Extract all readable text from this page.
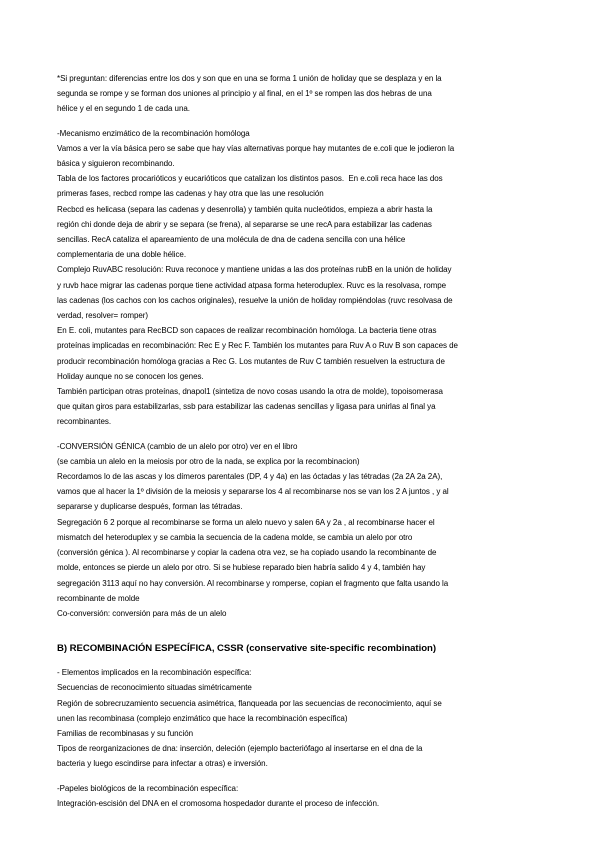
*Si preguntan: diferencias entre los dos y son que en una se forma 1 unión de holiday que se desplaza y en la

segunda se rompe y se forman dos uniones al principio y al final, en el 1º se rompen las dos hebras de una

hélice y el en segundo 1 de cada una.

-Mecanismo enzimático de la recombinación homóloga

Vamos a ver la vía básica pero se sabe que hay vías alternativas porque hay mutantes de e.coli que le jodieron la

básica y siguieron recombinando.

Tabla de los factores procarióticos y eucarióticos que catalizan los distintos pasos.  En e.coli reca hace las dos

primeras fases, recbcd rompe las cadenas y hay otra que las une resolución

Recbcd es helicasa (separa las cadenas y desenrolla) y también quita nucleótidos, empieza a abrir hasta la

región chi donde deja de abrir y se separa (se frena), al separarse se une recA para estabilizar las cadenas

sencillas. RecA cataliza el apareamiento de una molécula de dna de cadena sencilla con una hélice

complementaria de una doble hélice.

Complejo RuvABC resolución: Ruva reconoce y mantiene unidas a las dos proteínas rubB en la unión de holiday

y ruvb hace migrar las cadenas porque tiene actividad atpasa forma heteroduplex. Ruvc es la resolvasa, rompe

las cadenas (los cachos con los cachos originales), resuelve la unión de holiday rompiéndolas (ruvc resolvasa de

verdad, resolver= romper)

En E. coli, mutantes para RecBCD son capaces de realizar recombinación homóloga. La bacteria tiene otras

proteínas implicadas en recombinación: Rec E y Rec F. También los mutantes para Ruv A o Ruv B son capaces de

producir recombinación homóloga gracias a Rec G. Los mutantes de Ruv C también resuelven la estructura de

Holiday aunque no se conocen los genes.

También participan otras proteínas, dnapol1 (sintetiza de novo cosas usando la otra de molde), topoisomerasa

que quitan giros para estabilizarlas, ssb para estabilizar las cadenas sencillas y ligasa para unirlas al final ya

recombinantes.

-CONVERSIÓN GÉNICA (cambio de un alelo por otro) ver en el libro

(se cambia un alelo en la meiosis por otro de la nada, se explica por la recombinacion)

Recordamos lo de las ascas y los dímeros parentales (DP, 4 y 4a) en las óctadas y las tétradas (2a 2A 2a 2A),

vamos que al hacer la 1º división de la meiosis y separarse los 4 al recombinarse nos se van los 2 A juntos , y al

separarse y duplicarse después, forman las tétradas.

Segregación 6 2 porque al recombinarse se forma un alelo nuevo y salen 6A y 2a , al recombinarse hacer el

mismatch del heteroduplex y se cambia la secuencia de la cadena molde, se cambia un alelo por otro

(conversión génica ). Al recombinarse y copiar la cadena otra vez, se ha copiado usando la recombinante de

molde, entonces se pierde un alelo por otro. Si se hubiese reparado bien habría salido 4 y 4, también hay

segregación 3113 aquí no hay conversión. Al recombinarse y romperse, copian el fragmento que falta usando la

recombinante de molde

Co-conversión: conversión para más de un alelo

B) RECOMBINACIÓN ESPECÍFICA, CSSR (conservative site-specific recombination)

- Elementos implicados en la recombinación específica:

Secuencias de reconocimiento situadas simétricamente

Región de sobrecruzamiento secuencia asimétrica, flanqueada por las secuencias de reconocimiento, aquí se

unen las recombinasa (complejo enzimático que hace la recombinación específica)

Familias de recombinasas y su función

Tipos de reorganizaciones de dna: inserción, deleción (ejemplo bacteriófago al insertarse en el dna de la

bacteria y luego escindirse para infectar a otras) e inversión.

-Papeles biológicos de la recombinación específica:

Integración-escisión del DNA en el cromosoma hospedador durante el proceso de infección.
